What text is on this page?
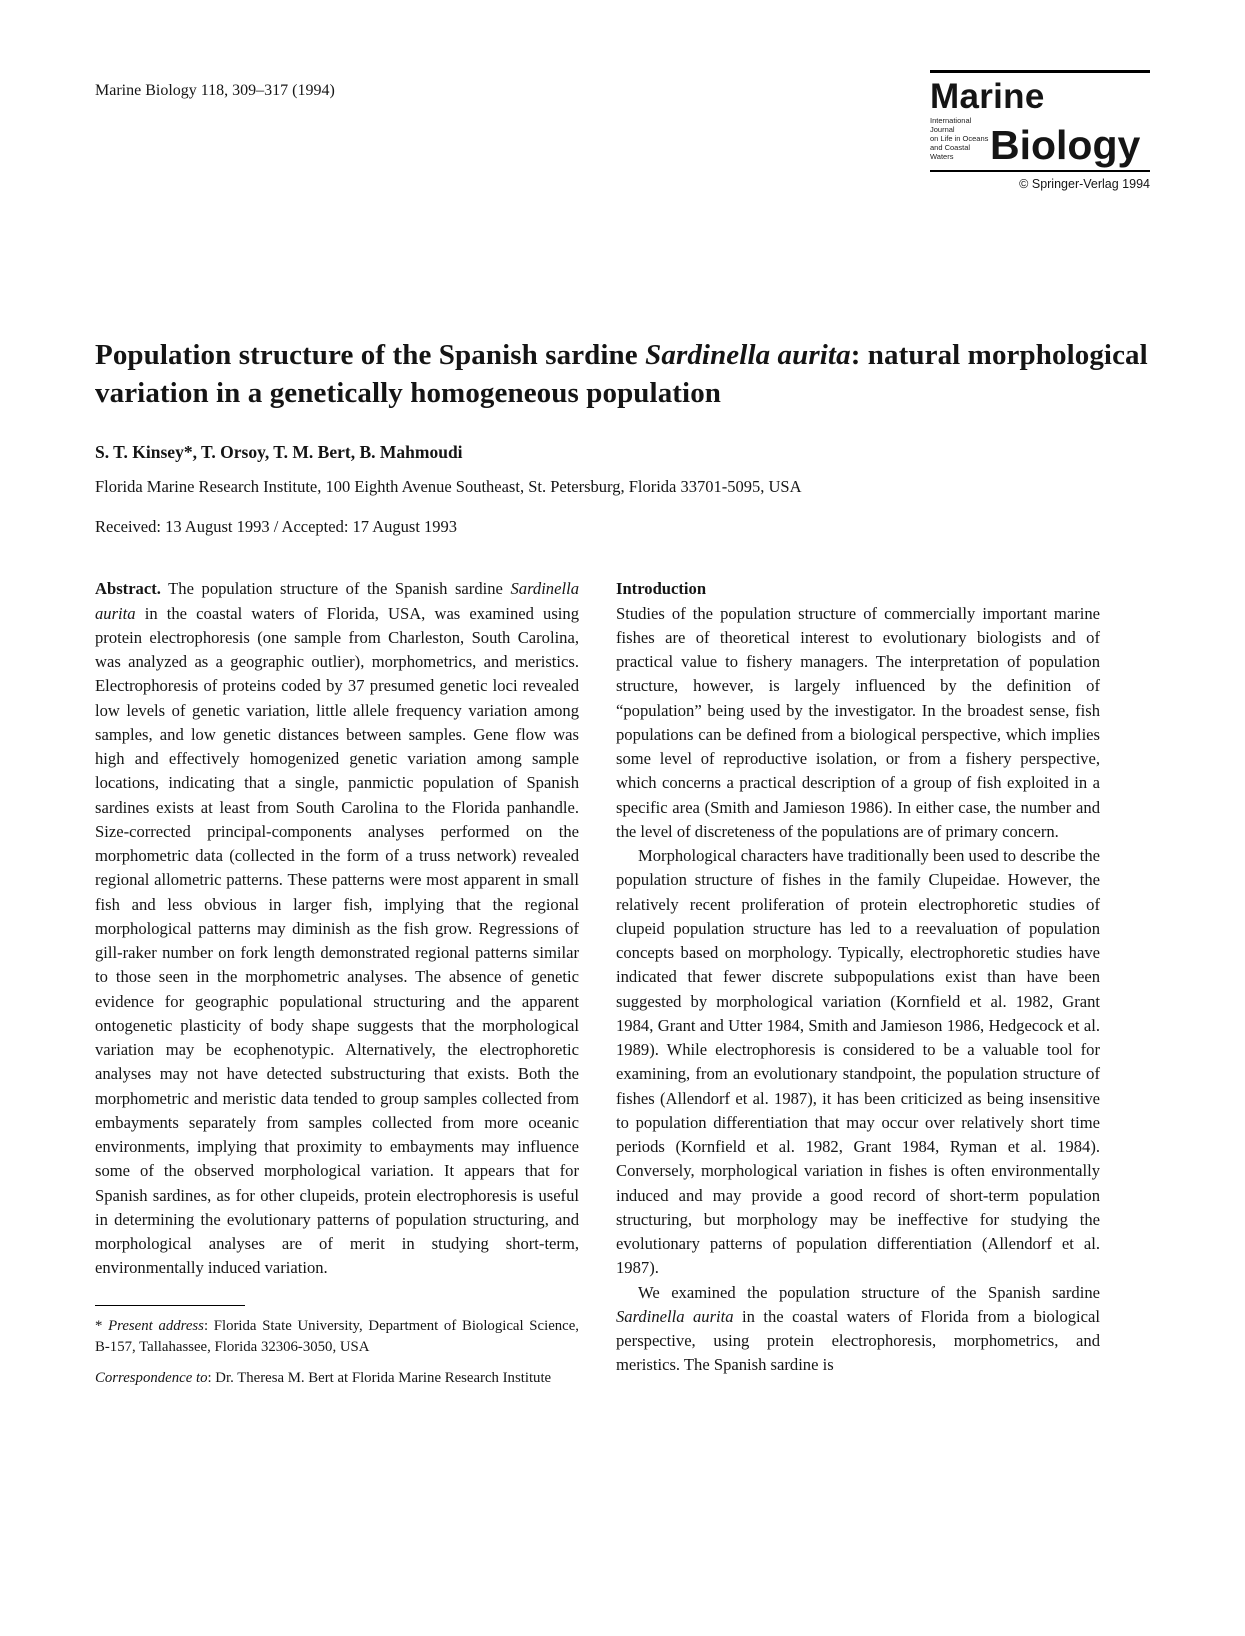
Marine Biology 118, 309–317 (1994)	Marine
International Journal
on Life in Oceans
and Coastal Waters Biology
© Springer-Verlag 1994
Population structure of the Spanish sardine Sardinella aurita: natural morphological variation in a genetically homogeneous population
S. T. Kinsey*, T. Orsoy, T. M. Bert, B. Mahmoudi
Florida Marine Research Institute, 100 Eighth Avenue Southeast, St. Petersburg, Florida 33701-5095, USA
Received: 13 August 1993 / Accepted: 17 August 1993

Abstract. The population structure of the Spanish sardine Sardinella aurita in the coastal waters of Florida, USA, was examined using protein electrophoresis (one sample from Charleston, South Carolina, was analyzed as a geographic outlier), morphometrics, and meristics. Electrophoresis of proteins coded by 37 presumed genetic loci revealed low levels of genetic variation, little allele frequency variation among samples, and low genetic distances between samples. Gene flow was high and effectively homogenized genetic variation among sample locations, indicating that a single, panmictic population of Spanish sardines exists at least from South Carolina to the Florida panhandle. Size-corrected principal-components analyses performed on the morphometric data (collected in the form of a truss network) revealed regional allometric patterns. These patterns were most apparent in small fish and less obvious in larger fish, implying that the regional morphological patterns may diminish as the fish grow. Regressions of gill-raker number on fork length demonstrated regional patterns similar to those seen in the morphometric analyses. The absence of genetic evidence for geographic populational structuring and the apparent ontogenetic plasticity of body shape suggests that the morphological variation may be ecophenotypic. Alternatively, the electrophoretic analyses may not have detected substructuring that exists. Both the morphometric and meristic data tended to group samples collected from embayments separately from samples collected from more oceanic environments, implying that proximity to embayments may influence some of the observed morphological variation. It appears that for Spanish sardines, as for other clupeids, protein electrophoresis is useful in determining the evolutionary patterns of population structuring, and morphological analyses are of merit in studying short-term, environmentally induced variation.

* Present address: Florida State University, Department of Biological Science, B-157, Tallahassee, Florida 32306-3050, USA

Correspondence to: Dr. Theresa M. Bert at Florida Marine Research Institute

Introduction

Studies of the population structure of commercially important marine fishes are of theoretical interest to evolutionary biologists and of practical value to fishery managers. The interpretation of population structure, however, is largely influenced by the definition of “population” being used by the investigator. In the broadest sense, fish populations can be defined from a biological perspective, which implies some level of reproductive isolation, or from a fishery perspective, which concerns a practical description of a group of fish exploited in a specific area (Smith and Jamieson 1986). In either case, the number and the level of discreteness of the populations are of primary concern.

Morphological characters have traditionally been used to describe the population structure of fishes in the family Clupeidae. However, the relatively recent proliferation of protein electrophoretic studies of clupeid population structure has led to a reevaluation of population concepts based on morphology. Typically, electrophoretic studies have indicated that fewer discrete subpopulations exist than have been suggested by morphological variation (Kornfield et al. 1982, Grant 1984, Grant and Utter 1984, Smith and Jamieson 1986, Hedgecock et al. 1989). While electrophoresis is considered to be a valuable tool for examining, from an evolutionary standpoint, the population structure of fishes (Allendorf et al. 1987), it has been criticized as being insensitive to population differentiation that may occur over relatively short time periods (Kornfield et al. 1982, Grant 1984, Ryman et al. 1984). Conversely, morphological variation in fishes is often environmentally induced and may provide a good record of short-term population structuring, but morphology may be ineffective for studying the evolutionary patterns of population differentiation (Allendorf et al. 1987).

We examined the population structure of the Spanish sardine Sardinella aurita in the coastal waters of Florida from a biological perspective, using protein electrophoresis, morphometrics, and meristics. The Spanish sardine is
